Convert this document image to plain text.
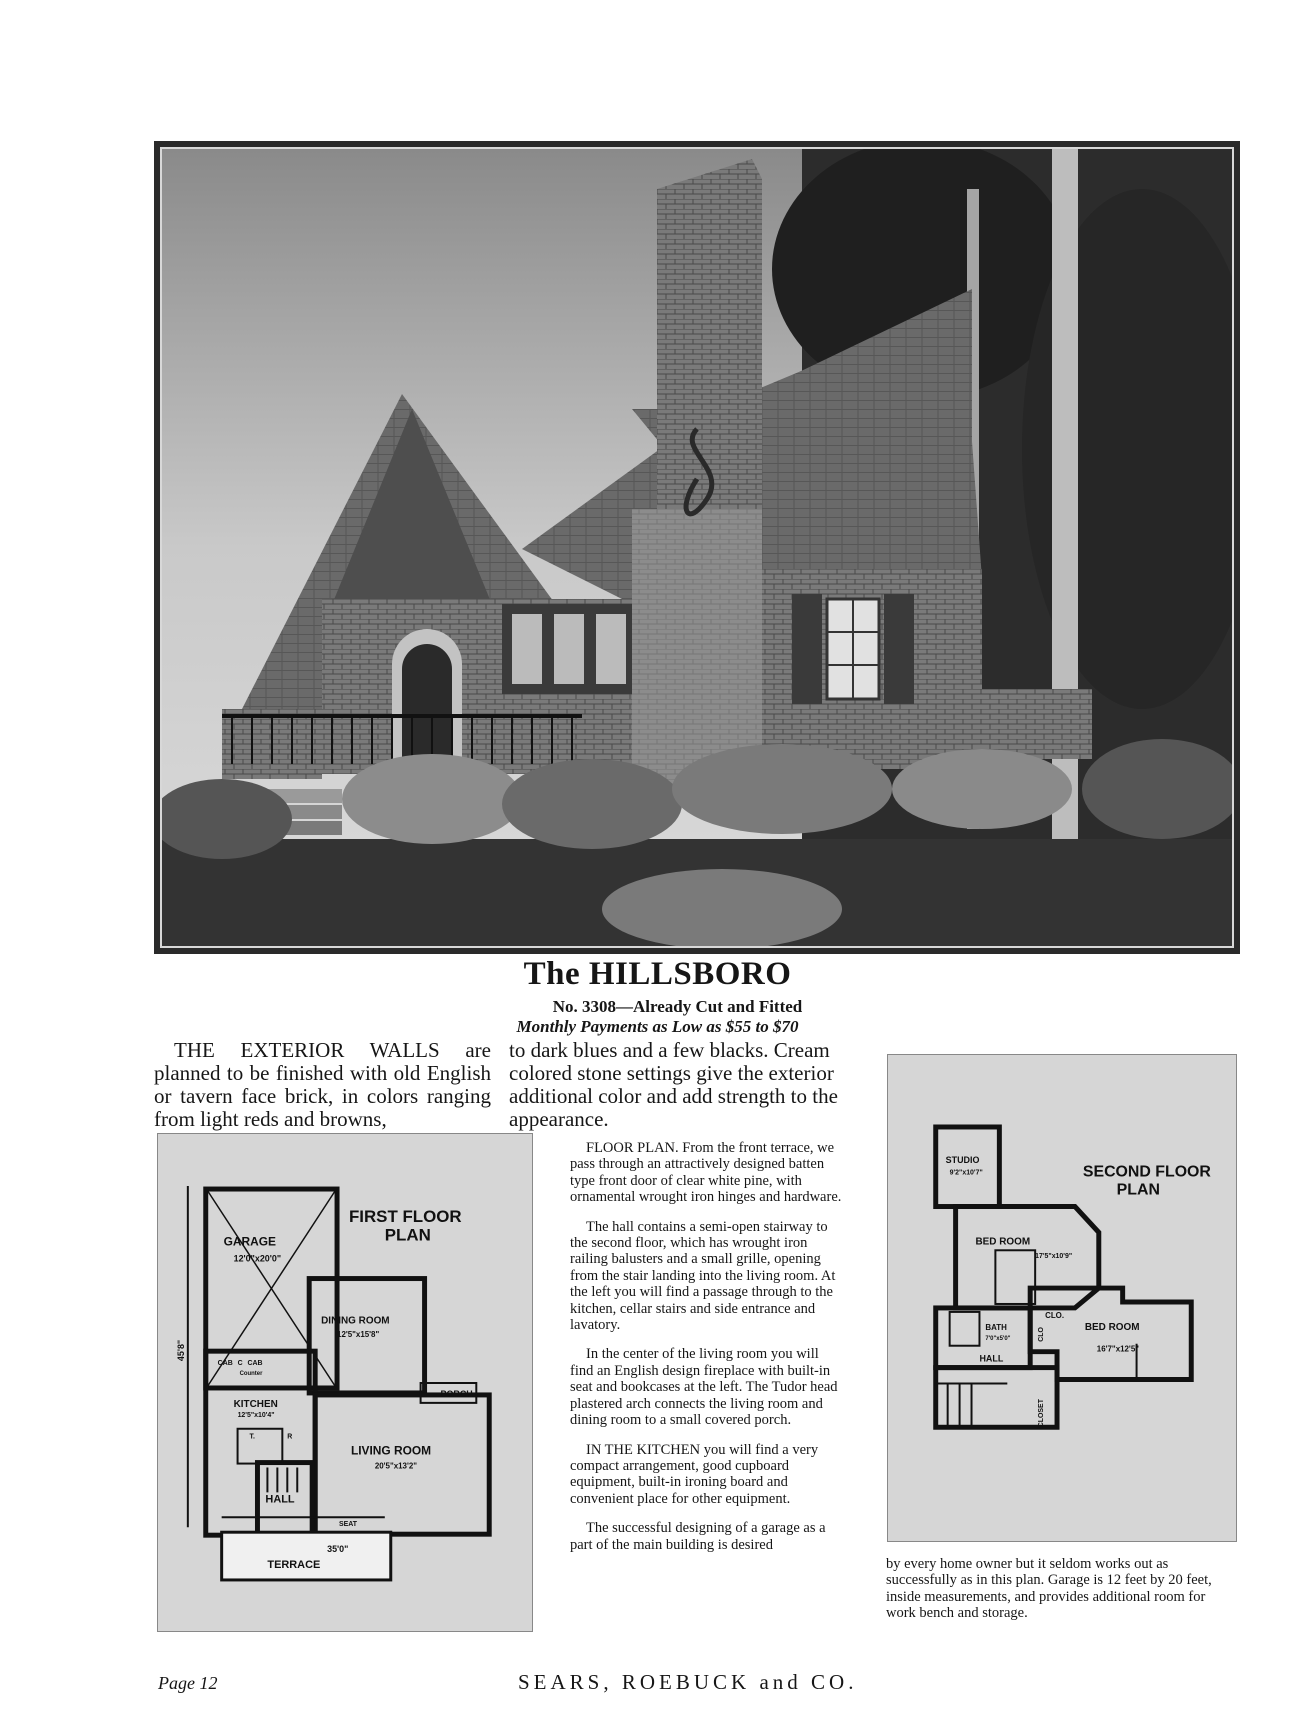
The HILLSBORO
No. 3308—Already Cut and Fitted
Monthly Payments as Low as $55 to $70
THE EXTERIOR WALLS are planned to be finished with old English or tavern face brick, in colors ranging from light reds and browns,
to dark blues and a few blacks. Cream colored stone settings give the exterior additional color and add strength to the appearance.

FLOOR PLAN. From the front terrace, we pass through an attractively designed batten type front door of clear white pine, with ornamental wrought iron hinges and hardware.

The hall contains a semi-open stairway to the second floor, which has wrought iron railing balusters and a small grille, opening from the stair landing into the living room. At the left you will find a passage through to the kitchen, cellar stairs and side entrance and lavatory.

In the center of the living room you will find an English design fireplace with built-in seat and bookcases at the left. The Tudor head plastered arch connects the living room and dining room to a small covered porch.

IN THE KITCHEN you will find a very compact arrangement, good cupboard equipment, built-in ironing board and convenient place for other equipment.

The successful designing of a garage as a part of the main building is desired

by every home owner but it seldom works out as successfully as in this plan. Garage is 12 feet by 20 feet, inside measurements, and provides additional room for work bench and storage.
FIRST FLOOR
PLAN
GARAGE
12'0"x20'0"
DINING ROOM
12'5"x15'8"
CAB C CAB
Counter
KITCHEN
12'5"x10'4"
T.	R
PORCH
LIVING ROOM
20'5"x13'2"
HALL
SEAT
35'0"
TERRACE
45'8"
SECOND FLOOR
PLAN
STUDIO
9'2"x10'7"
BED ROOM
17'5"x10'9"
BATH
7'0"x5'0"
CLO.
CLO
HALL
CLOSET
BED ROOM
16'7"x12'5"
Page 12	SEARS, ROEBUCK and CO.
